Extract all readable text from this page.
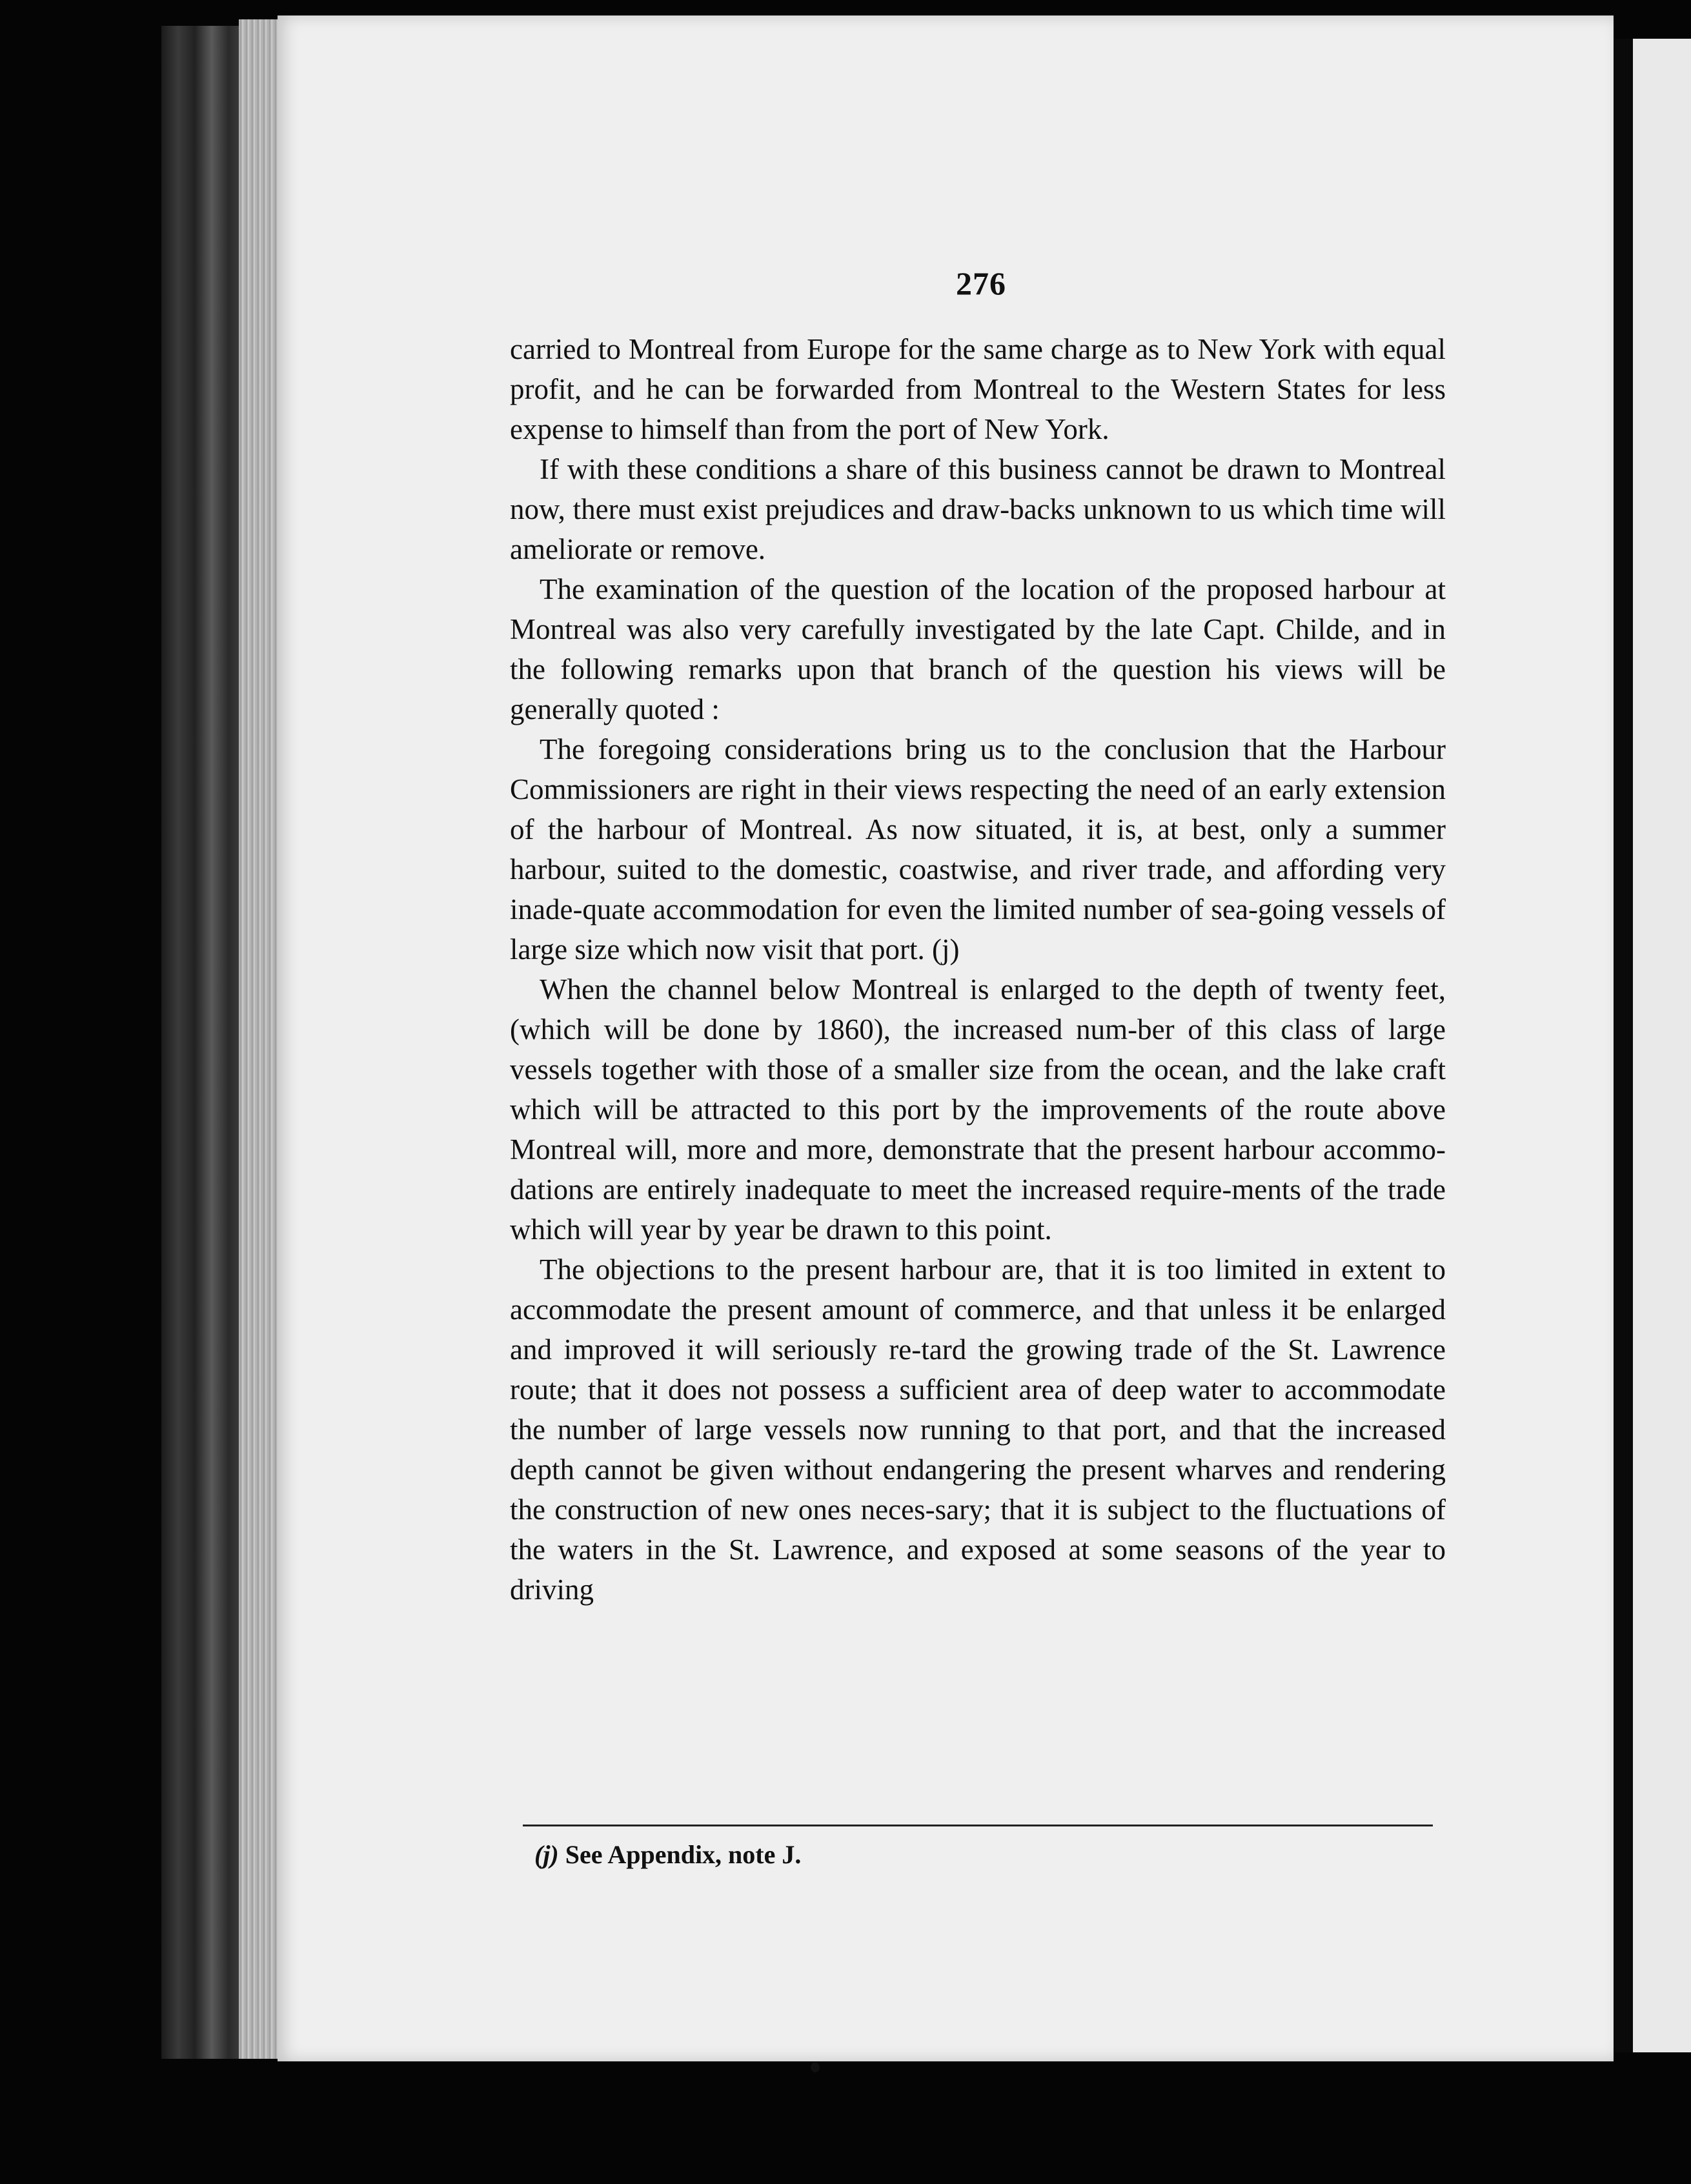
276

carried to Montreal from Europe for the same charge as to New York with equal profit, and he can be forwarded from Montreal to the Western States for less expense to himself than from the port of New York.

If with these conditions a share of this business cannot be drawn to Montreal now, there must exist prejudices and draw-backs unknown to us which time will ameliorate or remove.

The examination of the question of the location of the proposed harbour at Montreal was also very carefully investigated by the late Capt. Childe, and in the following remarks upon that branch of the question his views will be generally quoted :

The foregoing considerations bring us to the conclusion that the Harbour Commissioners are right in their views respecting the need of an early extension of the harbour of Montreal. As now situated, it is, at best, only a summer harbour, suited to the domestic, coastwise, and river trade, and affording very inade-quate accommodation for even the limited number of sea-going vessels of large size which now visit that port. (j)

When the channel below Montreal is enlarged to the depth of twenty feet, (which will be done by 1860), the increased num-ber of this class of large vessels together with those of a smaller size from the ocean, and the lake craft which will be attracted to this port by the improvements of the route above Montreal will, more and more, demonstrate that the present harbour accommo-dations are entirely inadequate to meet the increased require-ments of the trade which will year by year be drawn to this point.

The objections to the present harbour are, that it is too limited in extent to accommodate the present amount of commerce, and that unless it be enlarged and improved it will seriously re-tard the growing trade of the St. Lawrence route; that it does not possess a sufficient area of deep water to accommodate the number of large vessels now running to that port, and that the increased depth cannot be given without endangering the present wharves and rendering the construction of new ones neces-sary; that it is subject to the fluctuations of the waters in the St. Lawrence, and exposed at some seasons of the year to driving

(j) See Appendix, note J.
